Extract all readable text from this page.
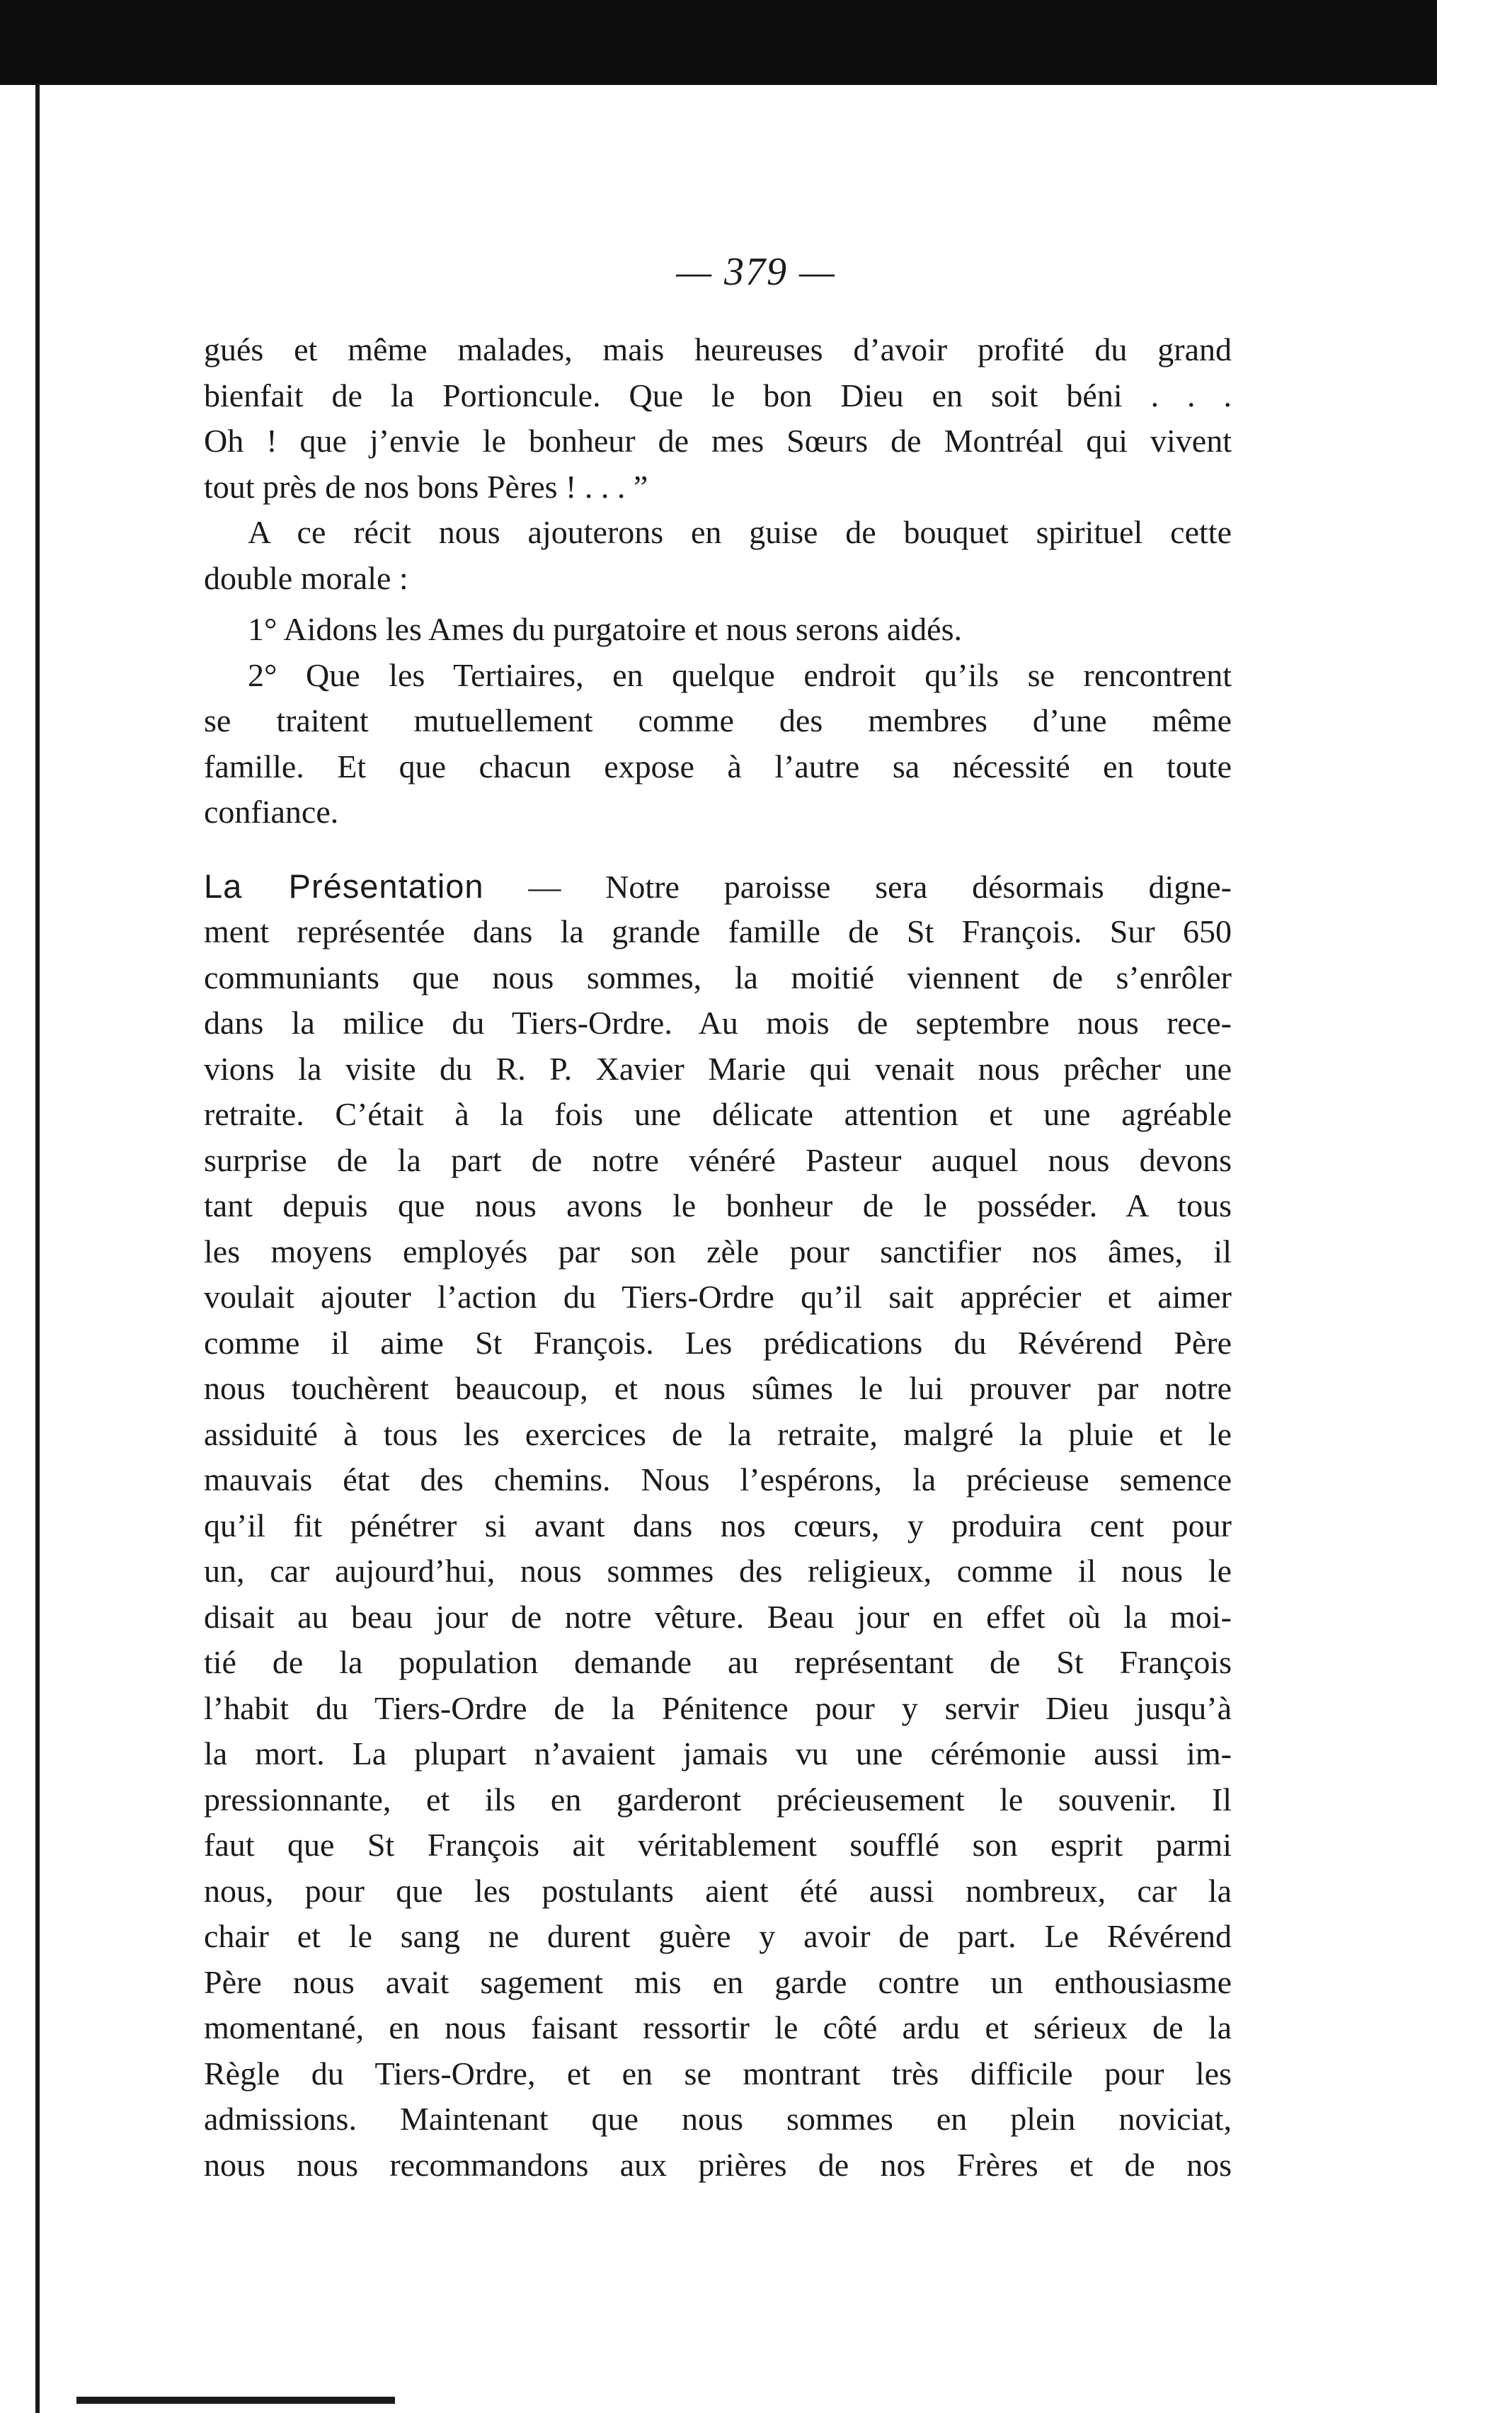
— 379 —
gués et même malades, mais heureuses d’avoir profité du grand
bienfait de la Portioncule. Que le bon Dieu en soit béni . . .
Oh ! que j’envie le bonheur de mes Sœurs de Montréal qui vivent
tout près de nos bons Pères ! . . . ”
A ce récit nous ajouterons en guise de bouquet spirituel cette
double morale :
1° Aidons les Ames du purgatoire et nous serons aidés.
2° Que les Tertiaires, en quelque endroit qu’ils se rencontrent
se traitent mutuellement comme des membres d’une même
famille. Et que chacun expose à l’autre sa nécessité en toute
confiance.
La Présentation — Notre paroisse sera désormais digne-
ment représentée dans la grande famille de St François. Sur 650
communiants que nous sommes, la moitié viennent de s’enrôler
dans la milice du Tiers-Ordre. Au mois de septembre nous rece-
vions la visite du R. P. Xavier Marie qui venait nous prêcher une
retraite. C’était à la fois une délicate attention et une agréable
surprise de la part de notre vénéré Pasteur auquel nous devons
tant depuis que nous avons le bonheur de le posséder. A tous
les moyens employés par son zèle pour sanctifier nos âmes, il
voulait ajouter l’action du Tiers-Ordre qu’il sait apprécier et aimer
comme il aime St François. Les prédications du Révérend Père
nous touchèrent beaucoup, et nous sûmes le lui prouver par notre
assiduité à tous les exercices de la retraite, malgré la pluie et le
mauvais état des chemins. Nous l’espérons, la précieuse semence
qu’il fit pénétrer si avant dans nos cœurs, y produira cent pour
un, car aujourd’hui, nous sommes des religieux, comme il nous le
disait au beau jour de notre vêture. Beau jour en effet où la moi-
tié de la population demande au représentant de St François
l’habit du Tiers-Ordre de la Pénitence pour y servir Dieu jusqu’à
la mort. La plupart n’avaient jamais vu une cérémonie aussi im-
pressionnante, et ils en garderont précieusement le souvenir. Il
faut que St François ait véritablement soufflé son esprit parmi
nous, pour que les postulants aient été aussi nombreux, car la
chair et le sang ne durent guère y avoir de part. Le Révérend
Père nous avait sagement mis en garde contre un enthousiasme
momentané, en nous faisant ressortir le côté ardu et sérieux de la
Règle du Tiers-Ordre, et en se montrant très difficile pour les
admissions. Maintenant que nous sommes en plein noviciat,
nous nous recommandons aux prières de nos Frères et de nos
